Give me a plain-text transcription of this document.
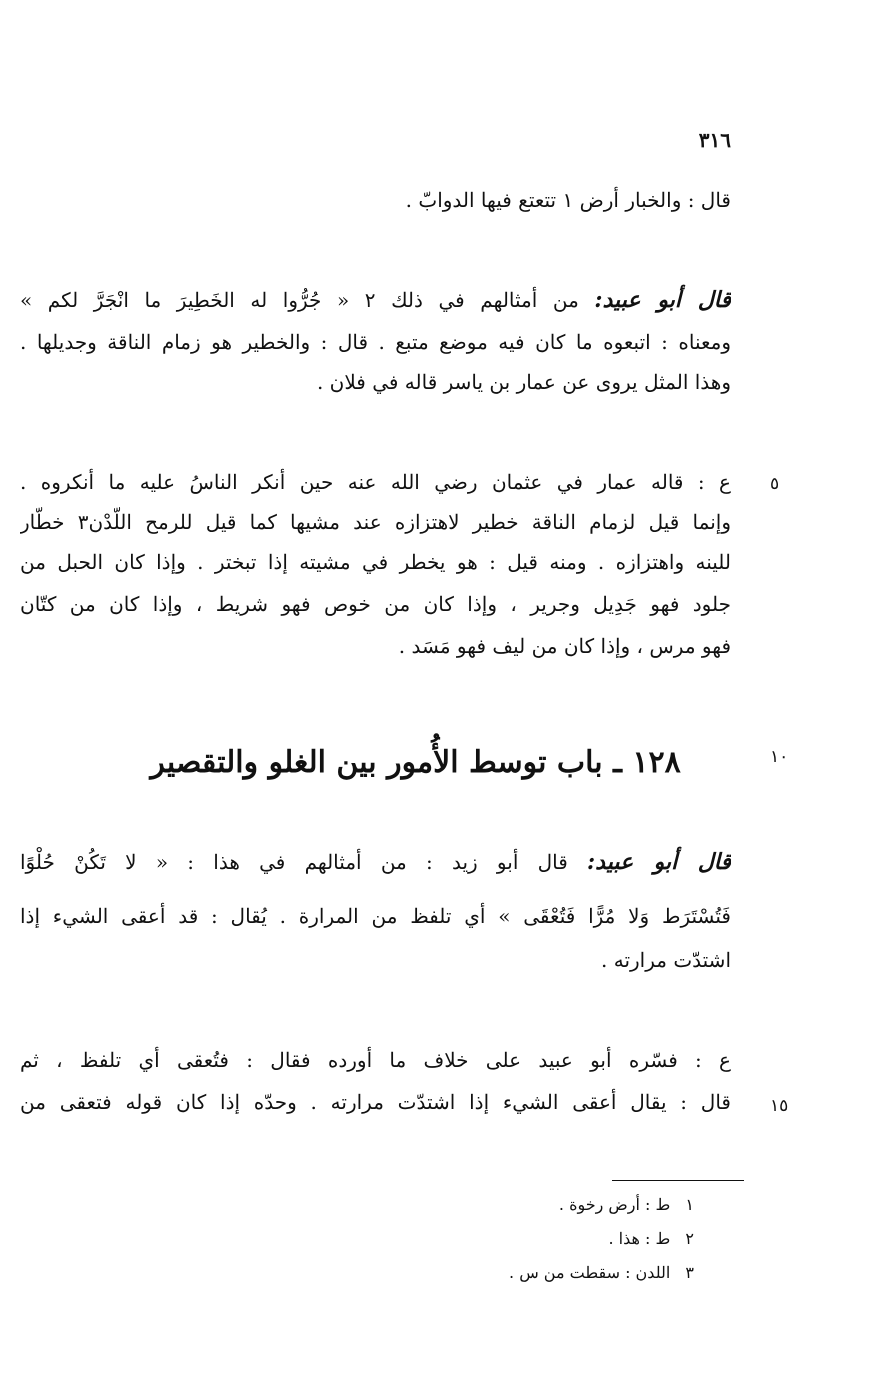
٣١٦
قال : والخبار أرض ١ تتعتع فيها الدوابّ .
قال أبو عبيد: من أمثالهم في ذلك ٢ « جُرُّوا له الخَطِيرَ ما انْجَرَّ لكم »
ومعناه : اتبعوه ما كان فيه موضع متبع . قال : والخطير هو زمام الناقة وجديلها .
وهذا المثل يروى عن عمار بن ياسر قاله في فلان .
٥
ع : قاله عمار في عثمان رضي الله عنه حين أنكر الناسُ عليه ما أنكروه .
وإنما قيل لزمام الناقة خطير لاهتزازه عند مشيها كما قيل للرمح اللّدْن٣ خطّار
للينه واهتزازه . ومنه قيل : هو يخطر في مشيته إذا تبختر . وإذا كان الحبل من
جلود فهو جَدِيل وجرير ، وإذا كان من خوص فهو شريط ، وإذا كان من كتّان
فهو مرس ، وإذا كان من ليف فهو مَسَد .
١٠
١٢٨ ـ باب توسط الأُمور بين الغلو والتقصير
قال أبو عبيد: قال أبو زيد : من أمثالهم في هذا : « لا تَكُنْ حُلْوًا
فَتُسْتَرَط وَلا مُرًّا فَتُعْقَى » أي تلفظ من المرارة . يُقال : قد أعقى الشيء إذا
اشتدّت مرارته .
ع : فسّره أبو عبيد على خلاف ما أورده فقال : فتُعقى أي تلفظ ، ثم
١٥
قال : يقال أعقى الشيء إذا اشتدّت مرارته . وحدّه إذا كان قوله فتعقى من
١ ط : أرض رخوة .
٢ ط : هذا .
٣ اللدن : سقطت من س .
